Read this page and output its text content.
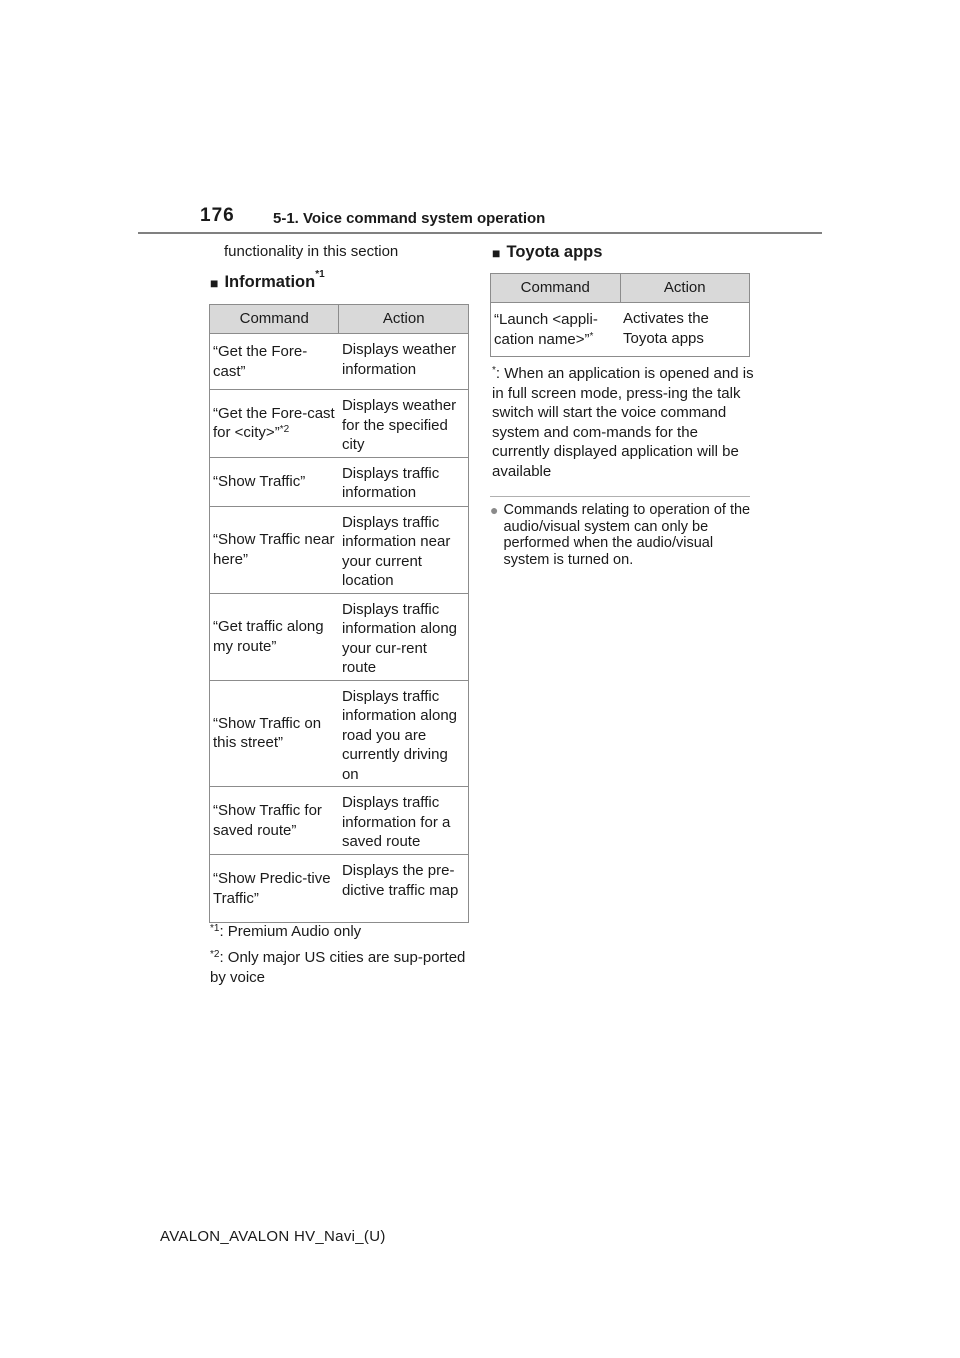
176	5-1. Voice command system operation
functionality in this section
■ Information$^{*1}$
Command	Action
“Get the Fore-cast”	Displays weather information
“Get the Fore-cast for <city>”$^{*2}$	Displays weather for the specified city
“Show Traffic”	Displays traffic information
“Show Traffic near here”	Displays traffic information near your current location
“Get traffic along my route”	Displays traffic information along your cur-rent route
“Show Traffic on this street”	Displays traffic information along road you are currently driving on
“Show Traffic for saved route”	Displays traffic information for a saved route
“Show Predic-tive Traffic”	Displays the pre-dictive traffic map
$^{*1}$: Premium Audio only
$^{*2}$: Only major US cities are sup-ported by voice
■ Toyota apps
Command	Action
“Launch <appli-cation name>”*	Activates the Toyota apps
*: When an application is opened and is in full screen mode, press-ing the talk switch will start the voice command system and com-mands for the currently displayed application will be available
● Commands relating to operation of the audio/visual system can only be performed when the audio/visual system is turned on.
AVALON_AVALON HV_Navi_(U)
